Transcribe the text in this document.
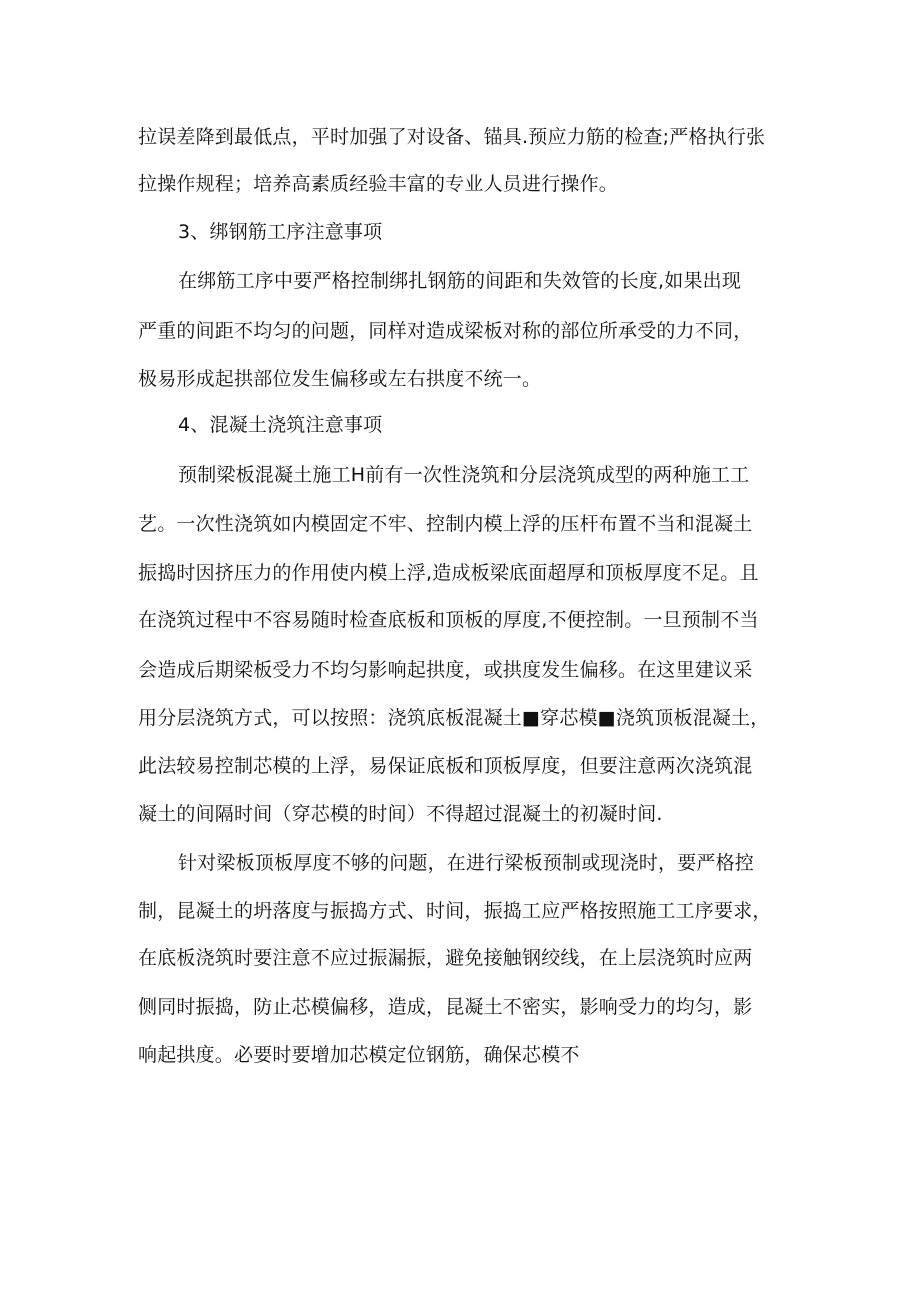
拉误差降到最低点，平时加强了对设备、锚具.预应力筋的检查;严格执行张
拉操作规程；培养高素质经验丰富的专业人员进行操作。
3、绑钢筋工序注意事项
在绑筋工序中要严格控制绑扎钢筋的间距和失效管的长度,如果出现
严重的间距不均匀的问题，同样对造成梁板对称的部位所承受的力不同，
极易形成起拱部位发生偏移或左右拱度不统一。
4、混凝土浇筑注意事项
预制梁板混凝土施工H前有一次性浇筑和分层浇筑成型的两种施工工
艺。一次性浇筑如内模固定不牢、控制内模上浮的压杆布置不当和混凝土
振捣时因挤压力的作用使内模上浮,造成板梁底面超厚和顶板厚度不足。且
在浇筑过程中不容易随时检查底板和顶板的厚度,不便控制。一旦预制不当
会造成后期梁板受力不均匀影响起拱度，或拱度发生偏移。在这里建议采
用分层浇筑方式，可以按照：浇筑底板混凝土■穿芯模■浇筑顶板混凝土，
此法较易控制芯模的上浮，易保证底板和顶板厚度，但要注意两次浇筑混
凝土的间隔时间（穿芯模的时间）不得超过混凝土的初凝时间.
针对梁板顶板厚度不够的问题，在进行梁板预制或现浇时，要严格控
制，昆凝土的坍落度与振捣方式、时间，振捣工应严格按照施工工序要求，
在底板浇筑时要注意不应过振漏振，避免接触钢绞线，在上层浇筑时应两
侧同时振捣，防止芯模偏移，造成，昆凝土不密实，影响受力的均匀，影
响起拱度。必要时要增加芯模定位钢筋，确保芯模不
